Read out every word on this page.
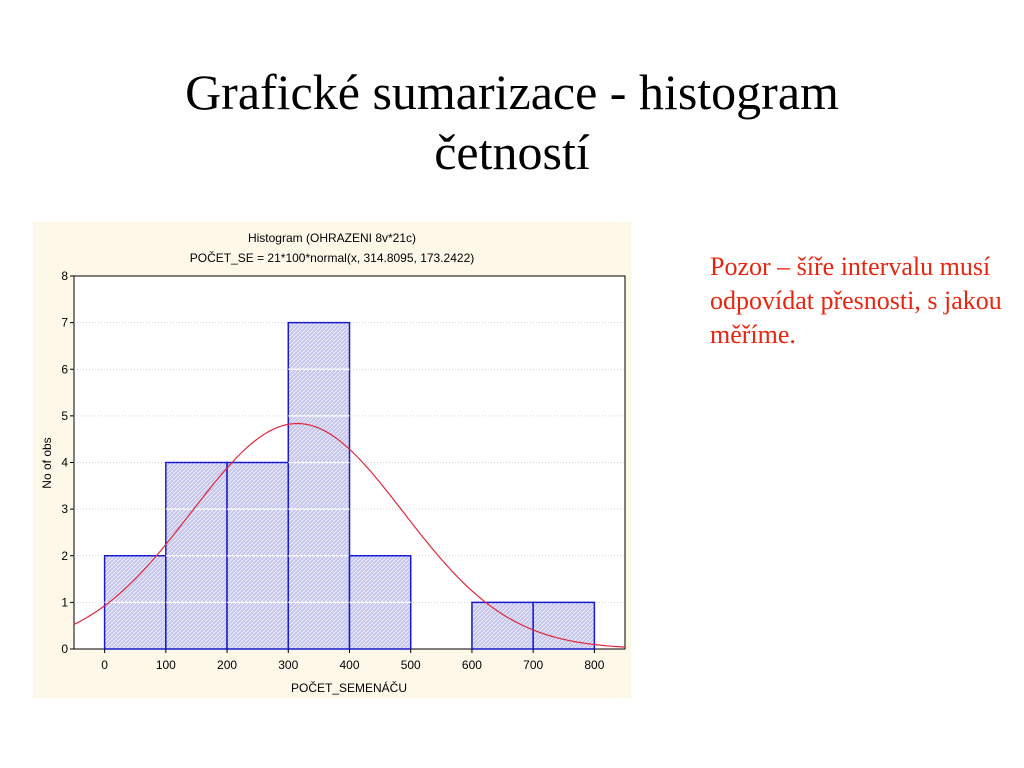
Grafické sumarizace - histogram
četností
Pozor – šíře intervalu musí odpovídat přesnosti, s jakou měříme.
Histogram (OHRAZENI 8v*21c)
POČET_SE = 21*100*normal(x, 314.8095, 173.2422)
0
1
2
3
4
5
6
7
8
0	100	200	300	400	500	600	700	800
POČET_SEMENÁČU
No of obs
